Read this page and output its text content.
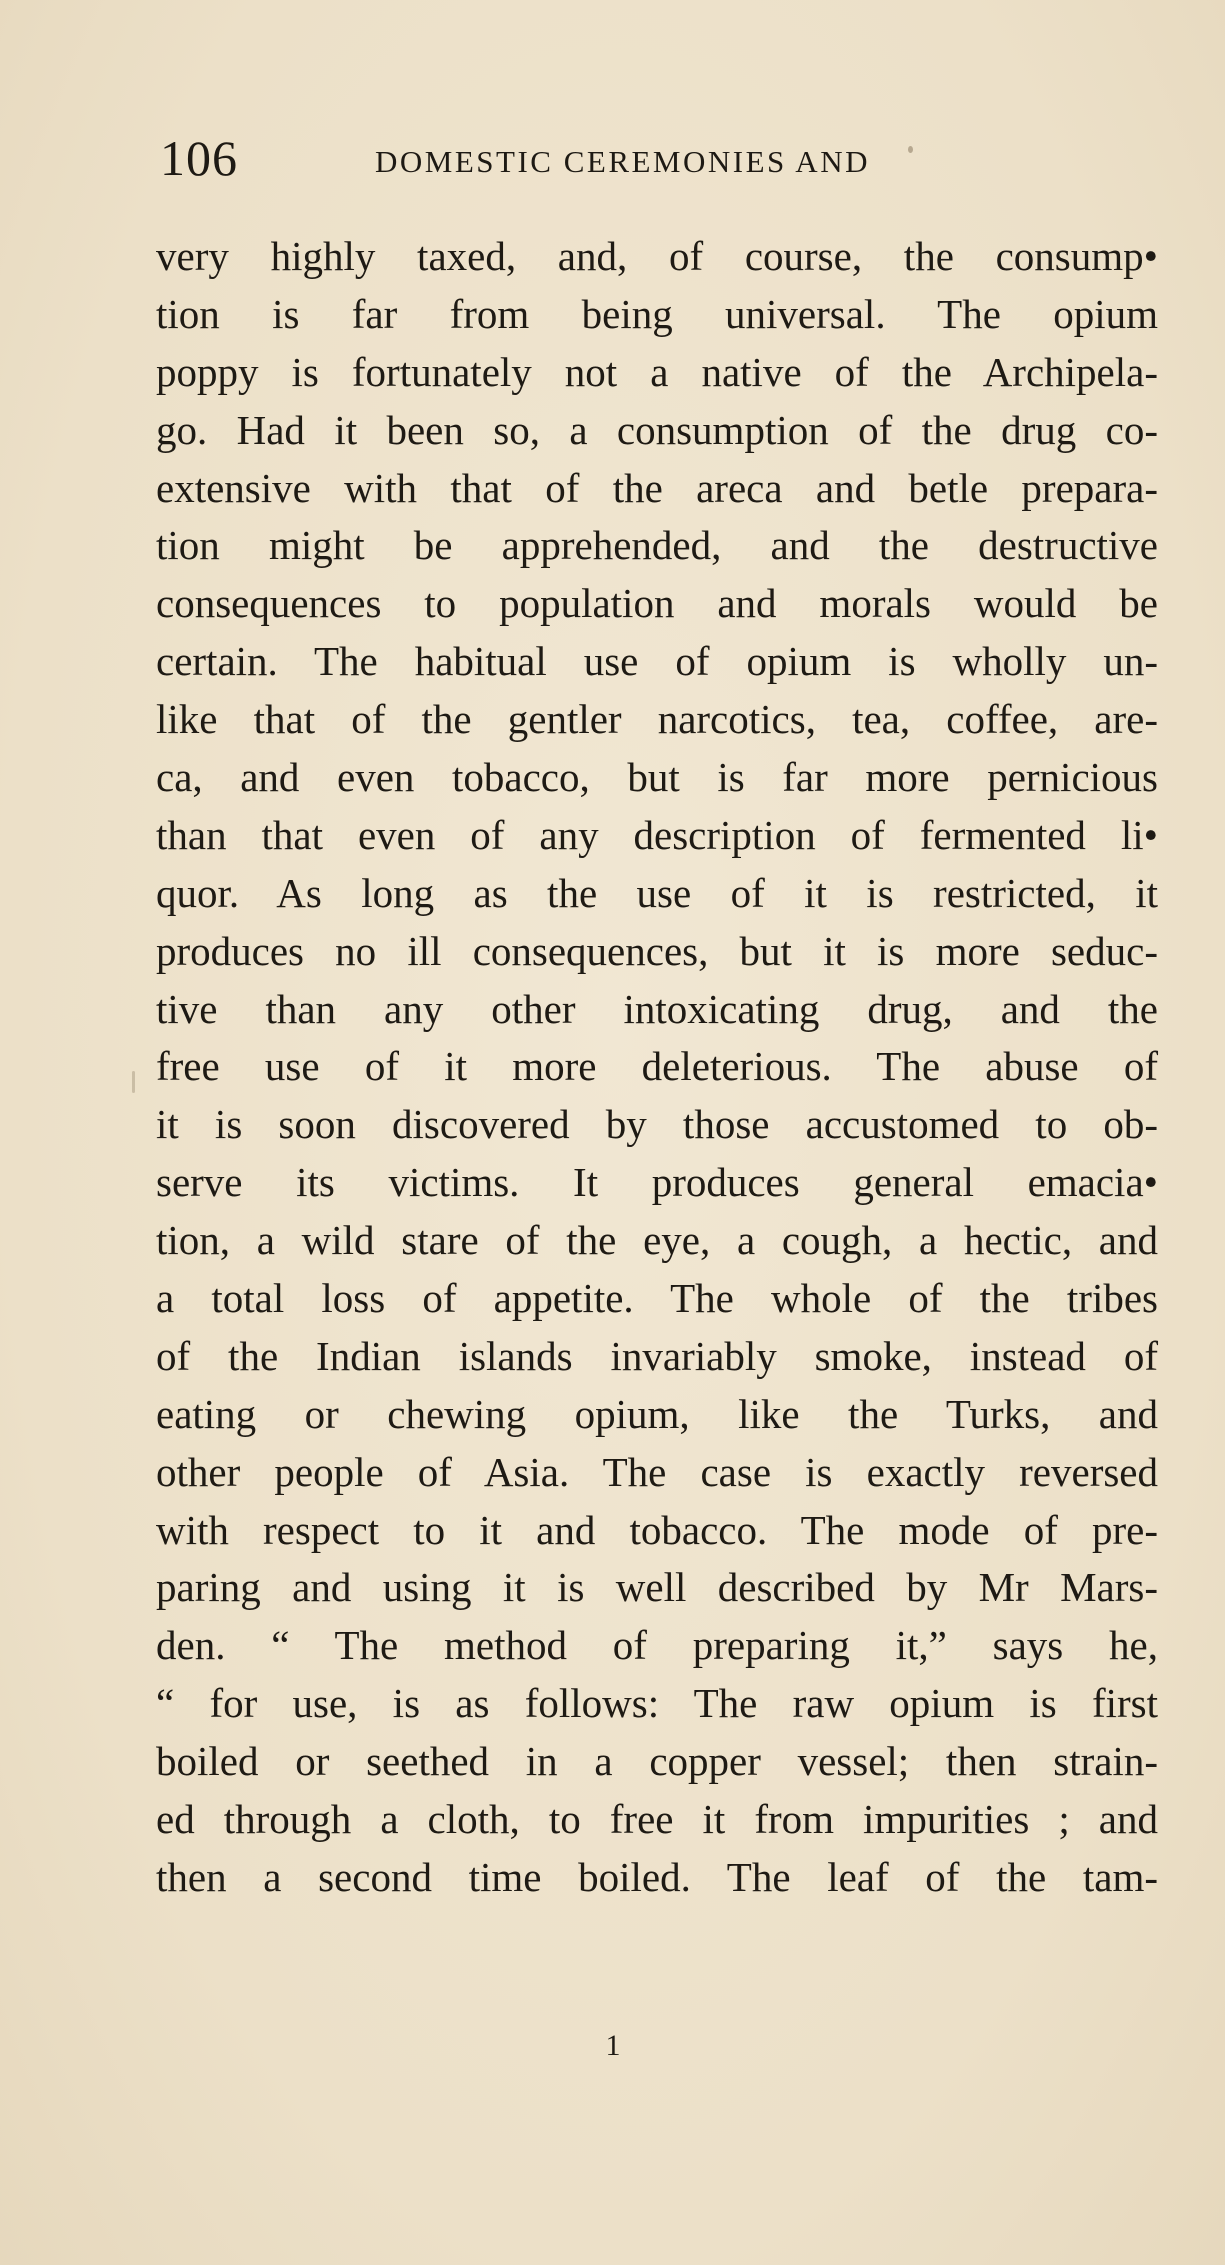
106	DOMESTIC CEREMONIES AND
very highly taxed, and, of course, the consump•
tion is far from being universal. The opium
poppy is fortunately not a native of the Archipela-
go. Had it been so, a consumption of the drug co-
extensive with that of the areca and betle prepara-
tion might be apprehended, and the destructive
consequences to population and morals would be
certain. The habitual use of opium is wholly un-
like that of the gentler narcotics, tea, coffee, are-
ca, and even tobacco, but is far more pernicious
than that even of any description of fermented li•
quor. As long as the use of it is restricted, it
produces no ill consequences, but it is more seduc-
tive than any other intoxicating drug, and the
free use of it more deleterious. The abuse of
it is soon discovered by those accustomed to ob-
serve its victims. It produces general emacia•
tion, a wild stare of the eye, a cough, a hectic, and
a total loss of appetite. The whole of the tribes
of the Indian islands invariably smoke, instead of
eating or chewing opium, like the Turks, and
other people of Asia. The case is exactly reversed
with respect to it and tobacco. The mode of pre-
paring and using it is well described by Mr Mars-
den. “ The method of preparing it,” says he,
“ for use, is as follows: The raw opium is first
boiled or seethed in a copper vessel; then strain-
ed through a cloth, to free it from impurities ; and
then a second time boiled. The leaf of the tam-
1
